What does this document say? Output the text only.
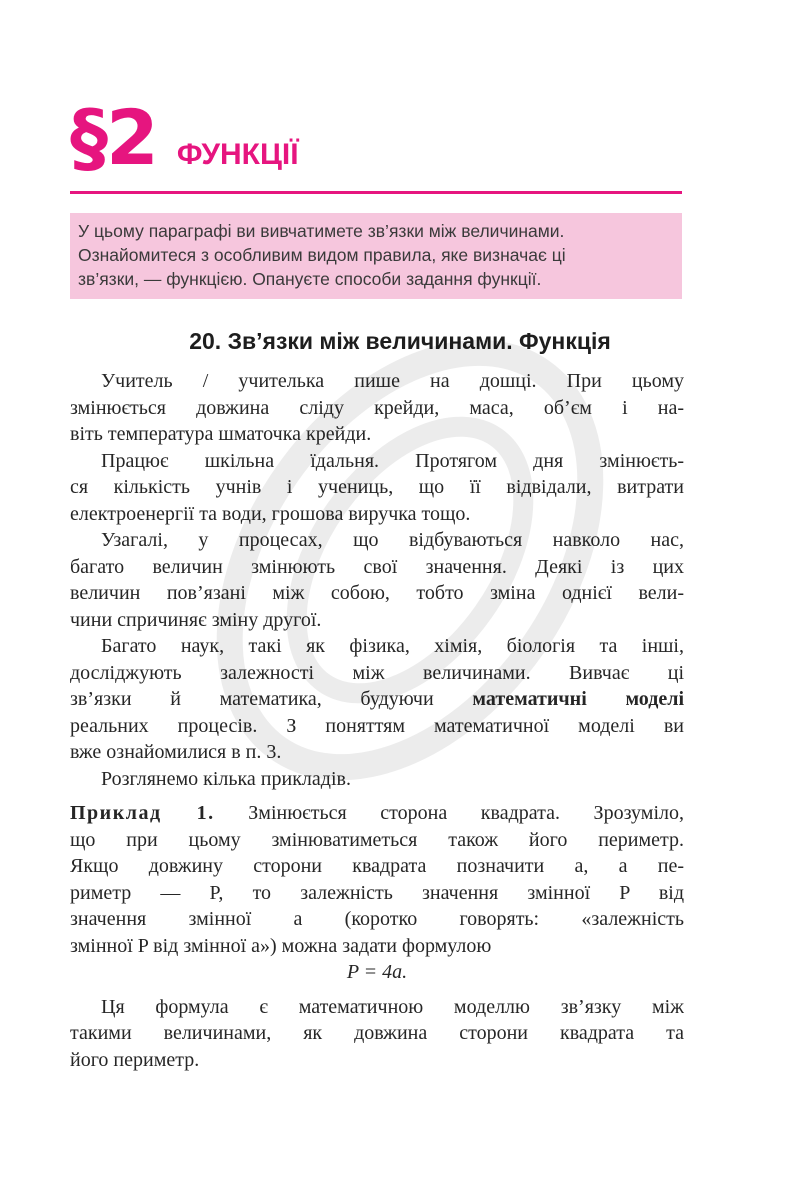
§2 ФУНКЦІЇ
У цьому параграфі ви вивчатимете зв’язки між величинами.
Ознайомитеся з особливим видом правила, яке визначає ці
зв’язки, — функцією. Опануєте способи задання функції.
20. Зв’язки між величинами. Функція
Учитель / учителька пише на дошці. При цьому
змінюється довжина сліду крейди, маса, об’єм і на-
віть температура шматочка крейди.
Працює шкільна їдальня. Протягом дня змінюєть-
ся кількість учнів і учениць, що її відвідали, витрати
електроенергії та води, грошова виручка тощо.
Узагалі, у процесах, що відбуваються навколо нас,
багато величин змінюють свої значення. Деякі із цих
величин пов’язані між собою, тобто зміна однієї вели-
чини спричиняє зміну другої.
Багато наук, такі як фізика, хімія, біологія та інші,
досліджують залежності між величинами. Вивчає ці
зв’язки й математика, будуючи математичні моделі
реальних процесів. З поняттям математичної моделі ви
вже ознайомилися в п. 3.
Розглянемо кілька прикладів.
Приклад 1. Змінюється сторона квадрата. Зрозуміло,
що при цьому змінюватиметься також його периметр.
Якщо довжину сторони квадрата позначити a, а пе-
риметр — P, то залежність значення змінної P від
значення змінної a (коротко говорять: «залежність
змінної P від змінної a») можна задати формулою
P = 4a.
Ця формула є математичною моделлю зв’язку між
такими величинами, як довжина сторони квадрата та
його периметр.
